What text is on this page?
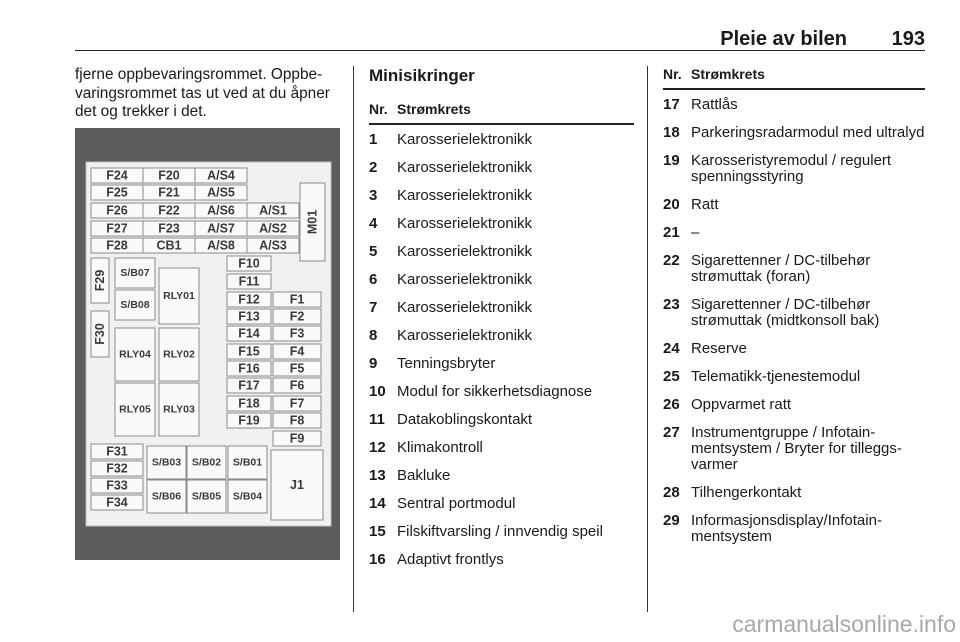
Pleie av bilen 193
fjerne oppbevaringsrommet. Oppbevaringsrommet tas ut ved at du åpner det og trekker i det.
F24 F20 A/S4
F25 F21 A/S5
F26 F22 A/S6 A/S1
F27 F23 A/S7 A/S2
F28 CB1 A/S8 A/S3
M01
F29
F30
S/B07
S/B08
RLY01
RLY04 RLY02
RLY05 RLY03
F10
F11
F12 F1
F13 F2
F14 F3
F15 F4
F16 F5
F17 F6
F18 F7
F19 F8
F9
F31
F32
F33
F34
S/B03 S/B02 S/B01
S/B06 S/B05 S/B04
J1
Minisikringer
Nr. Strømkrets
1	Karosserielektronikk
2	Karosserielektronikk
3	Karosserielektronikk
4	Karosserielektronikk
5	Karosserielektronikk
6	Karosserielektronikk
7	Karosserielektronikk
8	Karosserielektronikk
9	Tenningsbryter
10 Modul for sikkerhetsdiagnose
11 Datakoblingskontakt
12 Klimakontroll
13 Bakluke
14 Sentral portmodul
15 Filskiftvarsling / innvendig speil
16 Adaptivt frontlys
Nr. Strømkrets
17 Rattlås
18 Parkeringsradarmodul med ultralyd
19 Karosseristyremodul / regulert spenningsstyring
20 Ratt
21 –
22 Sigarettenner / DC-tilbehør strømuttak (foran)
23 Sigarettenner / DC-tilbehør strømuttak (midtkonsoll bak)
24 Reserve
25 Telematikk-tjenestemodul
26 Oppvarmet ratt
27 Instrumentgruppe / Infotainmentsystem / Bryter for tilleggsvarmer
28 Tilhengerkontakt
29 Informasjonsdisplay/Infotainmentsystem
carmanualsonline.info
